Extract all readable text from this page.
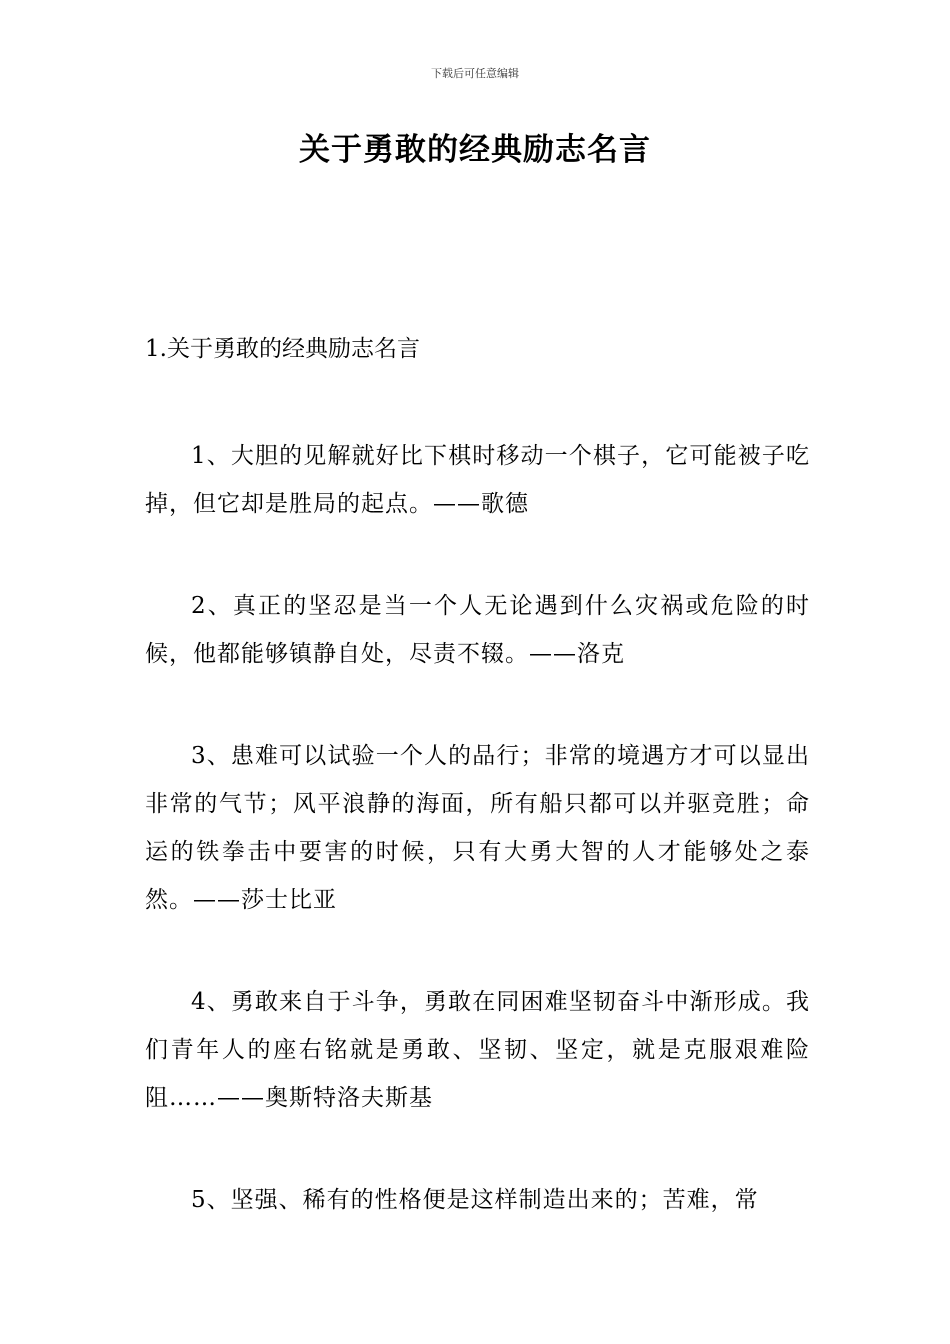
下载后可任意编辑
关于勇敢的经典励志名言

1.关于勇敢的经典励志名言

1、大胆的见解就好比下棋时移动一个棋子，它可能被子吃掉，但它却是胜局的起点。——歌德

2、真正的坚忍是当一个人无论遇到什么灾祸或危险的时候，他都能够镇静自处，尽责不辍。——洛克

3、患难可以试验一个人的品行；非常的境遇方才可以显出非常的气节；风平浪静的海面，所有船只都可以并驱竞胜；命运的铁拳击中要害的时候，只有大勇大智的人才能够处之泰然。——莎士比亚

4、勇敢来自于斗争，勇敢在同困难坚韧奋斗中渐形成。我们青年人的座右铭就是勇敢、坚韧、坚定，就是克服艰难险阻……——奥斯特洛夫斯基

5、坚强、稀有的性格便是这样制造出来的；苦难，常
